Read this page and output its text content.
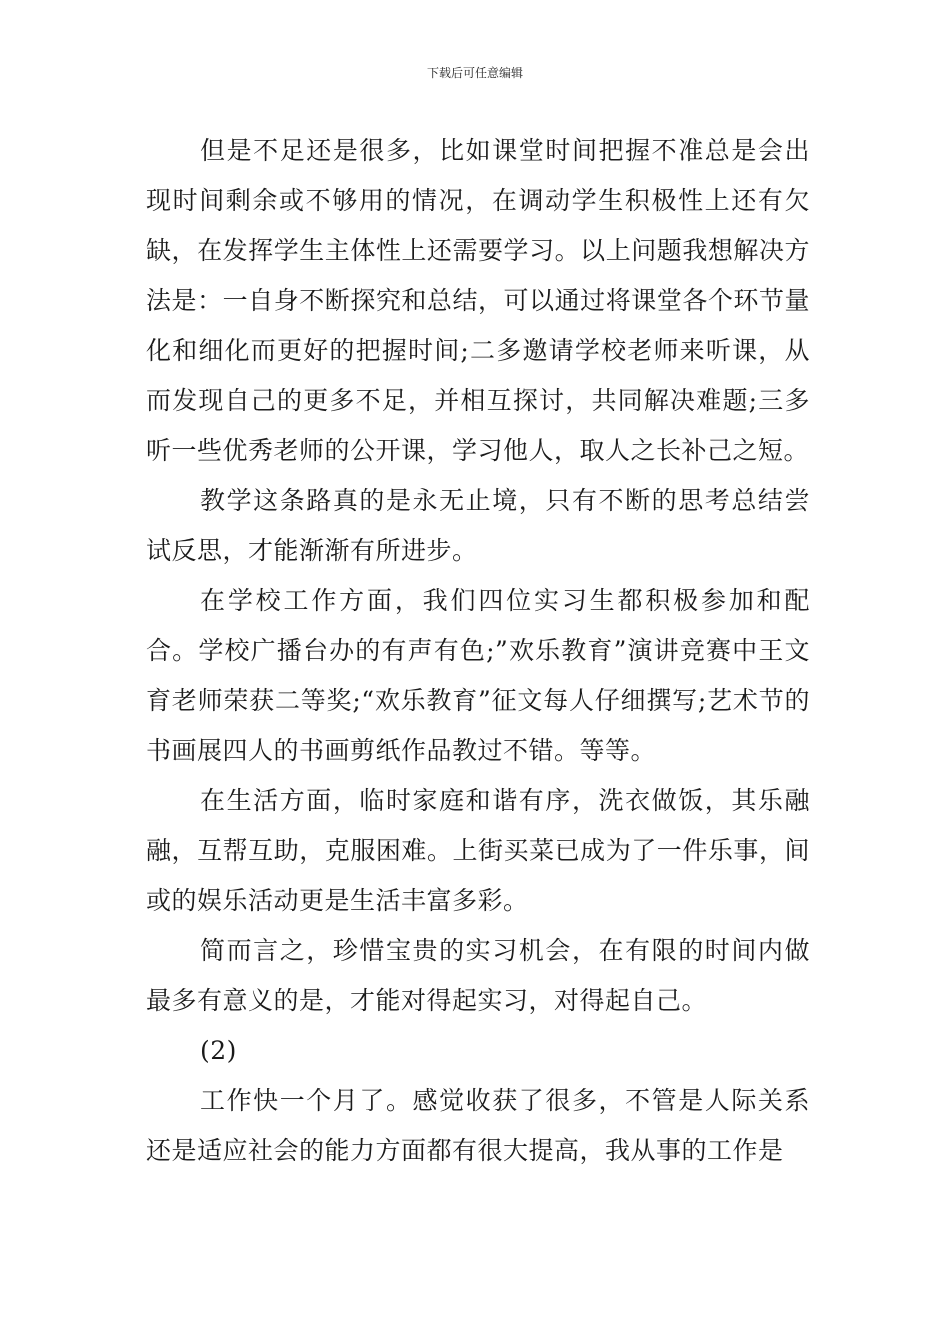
下载后可任意编辑

但是不足还是很多，比如课堂时间把握不准总是会出现时间剩余或不够用的情况，在调动学生积极性上还有欠缺，在发挥学生主体性上还需要学习。以上问题我想解决方法是：一自身不断探究和总结，可以通过将课堂各个环节量化和细化而更好的把握时间;二多邀请学校老师来听课，从而发现自己的更多不足，并相互探讨，共同解决难题;三多听一些优秀老师的公开课，学习他人，取人之长补己之短。

教学这条路真的是永无止境，只有不断的思考总结尝试反思，才能渐渐有所进步。

在学校工作方面，我们四位实习生都积极参加和配合。学校广播台办的有声有色;”欢乐教育”演讲竞赛中王文育老师荣获二等奖;“欢乐教育”征文每人仔细撰写;艺术节的书画展四人的书画剪纸作品教过不错。等等。

在生活方面，临时家庭和谐有序，洗衣做饭，其乐融融，互帮互助，克服困难。上街买菜已成为了一件乐事，间或的娱乐活动更是生活丰富多彩。

简而言之，珍惜宝贵的实习机会，在有限的时间内做最多有意义的是，才能对得起实习，对得起自己。

(2)

工作快一个月了。感觉收获了很多，不管是人际关系还是适应社会的能力方面都有很大提高，我从事的工作是
